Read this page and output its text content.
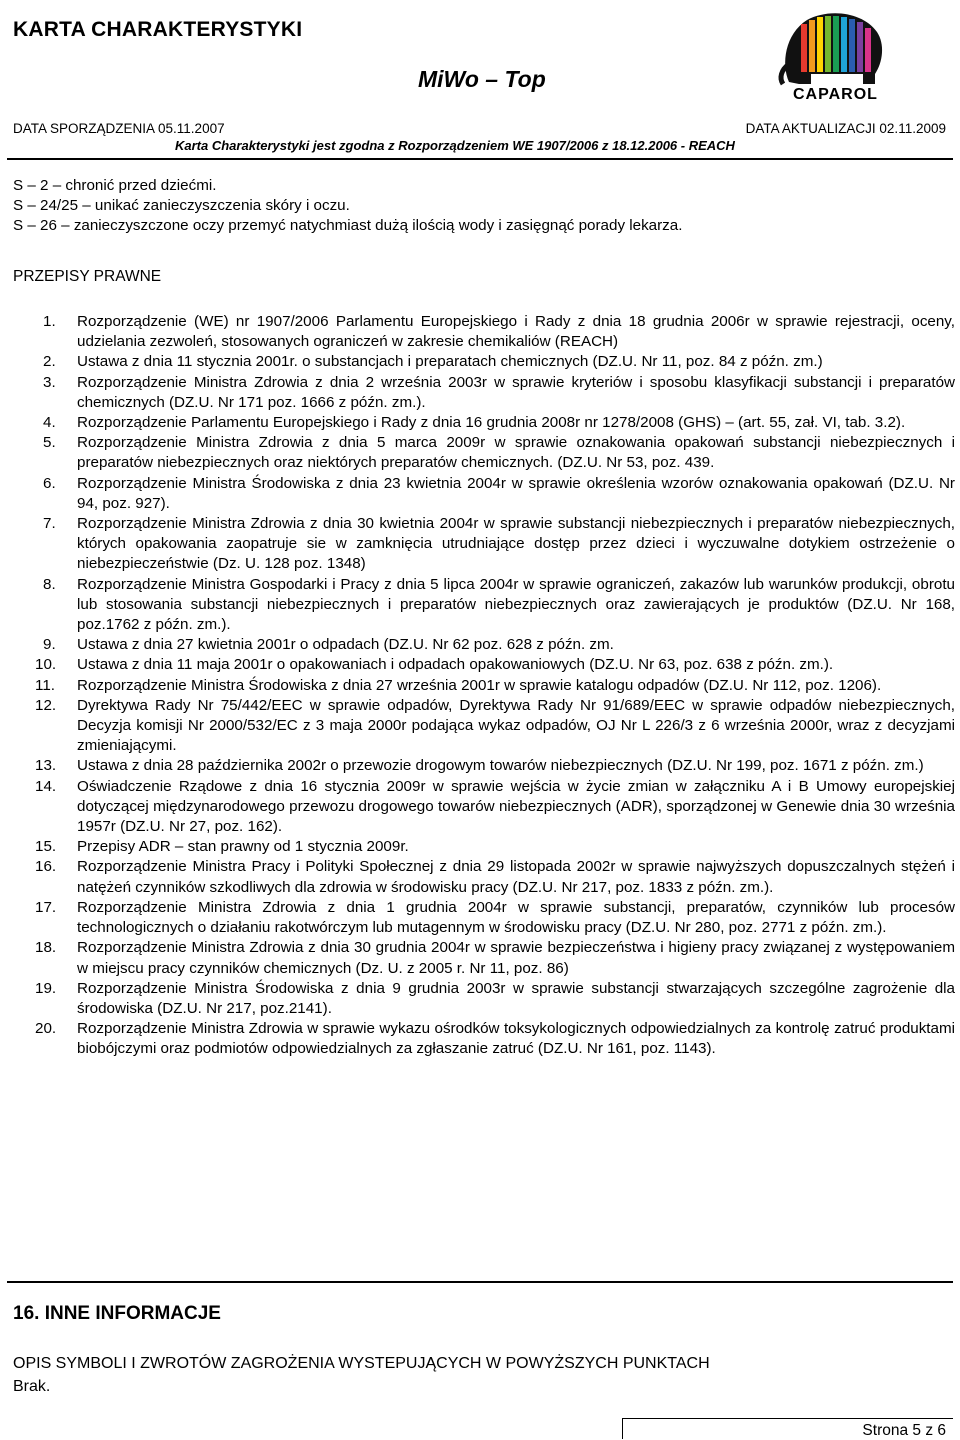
KARTA CHARAKTERYSTYKI
MiWo – Top
DATA SPORZĄDZENIA 05.11.2007	DATA AKTUALIZACJI 02.11.2009
Karta Charakterystyki jest zgodna z Rozporządzeniem WE 1907/2006 z 18.12.2006 - REACH
CAPAROL
S – 2 – chronić przed dziećmi.
S – 24/25 – unikać zanieczyszczenia skóry i oczu.
S – 26 – zanieczyszczone oczy przemyć natychmiast dużą ilością wody i zasięgnąć porady lekarza.
PRZEPISY PRAWNE
1.	Rozporządzenie (WE) nr 1907/2006 Parlamentu Europejskiego i Rady z dnia 18 grudnia 2006r w sprawie rejestracji, oceny, udzielania zezwoleń, stosowanych ograniczeń w zakresie chemikaliów (REACH)
2.	Ustawa z dnia 11 stycznia 2001r. o substancjach i preparatach chemicznych (DZ.U. Nr 11, poz. 84 z późn. zm.)
3.	Rozporządzenie Ministra Zdrowia z dnia 2 września 2003r w sprawie kryteriów i sposobu klasyfikacji substancji i preparatów chemicznych (DZ.U. Nr 171 poz. 1666 z późn. zm.).
4.	Rozporządzenie Parlamentu Europejskiego i Rady z dnia 16 grudnia 2008r nr 1278/2008 (GHS) – (art. 55, zał. VI, tab. 3.2).
5.	Rozporządzenie Ministra Zdrowia z dnia 5 marca 2009r w sprawie oznakowania opakowań substancji niebezpiecznych i preparatów niebezpiecznych oraz niektórych preparatów chemicznych. (DZ.U. Nr 53, poz. 439.
6.	Rozporządzenie Ministra Środowiska z dnia 23 kwietnia 2004r w sprawie określenia wzorów oznakowania opakowań (DZ.U. Nr 94, poz. 927).
7.	Rozporządzenie Ministra Zdrowia z dnia 30 kwietnia 2004r w sprawie substancji niebezpiecznych i preparatów niebezpiecznych, których opakowania zaopatruje sie w zamknięcia utrudniające dostęp przez dzieci i wyczuwalne dotykiem ostrzeżenie o niebezpieczeństwie (Dz. U. 128 poz. 1348)
8.	Rozporządzenie Ministra Gospodarki i Pracy z dnia 5 lipca 2004r w sprawie ograniczeń, zakazów lub warunków produkcji, obrotu lub stosowania substancji niebezpiecznych i preparatów niebezpiecznych oraz zawierających je produktów (DZ.U. Nr 168, poz.1762 z późn. zm.).
9.	Ustawa z dnia 27 kwietnia 2001r o odpadach (DZ.U. Nr 62 poz. 628 z późn. zm.
10.	Ustawa z dnia 11 maja 2001r o opakowaniach i odpadach opakowaniowych (DZ.U. Nr 63, poz. 638 z późn. zm.).
11.	Rozporządzenie Ministra Środowiska z dnia 27 września 2001r w sprawie katalogu odpadów (DZ.U. Nr 112, poz. 1206).
12.	Dyrektywa Rady Nr 75/442/EEC w sprawie odpadów, Dyrektywa Rady Nr 91/689/EEC w sprawie odpadów niebezpiecznych, Decyzja komisji Nr 2000/532/EC z 3 maja 2000r podająca wykaz odpadów, OJ Nr L 226/3 z 6 września 2000r, wraz z decyzjami zmieniającymi.
13.	Ustawa z dnia 28 października 2002r o przewozie drogowym towarów niebezpiecznych (DZ.U. Nr 199, poz. 1671 z późn. zm.)
14.	Oświadczenie Rządowe z dnia 16 stycznia 2009r w sprawie wejścia w życie zmian w załączniku A i B Umowy europejskiej dotyczącej międzynarodowego przewozu drogowego towarów niebezpiecznych (ADR), sporządzonej w Genewie dnia 30 września 1957r (DZ.U. Nr 27, poz. 162).
15.	Przepisy ADR – stan prawny od 1 stycznia 2009r.
16.	Rozporządzenie Ministra Pracy i Polityki Społecznej z dnia 29 listopada 2002r w sprawie najwyższych dopuszczalnych stężeń i natężeń czynników szkodliwych dla zdrowia w środowisku pracy (DZ.U. Nr 217, poz. 1833 z późn. zm.).
17.	Rozporządzenie Ministra Zdrowia z dnia 1 grudnia 2004r w sprawie substancji, preparatów, czynników lub procesów technologicznych o działaniu rakotwórczym lub mutagennym w środowisku pracy (DZ.U. Nr 280, poz. 2771 z późn. zm.).
18.	Rozporządzenie Ministra Zdrowia z dnia 30 grudnia 2004r w sprawie bezpieczeństwa i higieny pracy związanej z występowaniem w miejscu pracy czynników chemicznych (Dz. U. z 2005 r. Nr 11, poz. 86)
19.	Rozporządzenie Ministra Środowiska z dnia 9 grudnia 2003r w sprawie substancji stwarzających szczególne zagrożenie dla środowiska (DZ.U. Nr 217, poz.2141).
20.	Rozporządzenie Ministra Zdrowia w sprawie wykazu ośrodków toksykologicznych odpowiedzialnych za kontrolę zatruć produktami biobójczymi oraz podmiotów odpowiedzialnych za zgłaszanie zatruć (DZ.U. Nr 161, poz. 1143).
16. INNE INFORMACJE
OPIS SYMBOLI I ZWROTÓW ZAGROŻENIA WYSTEPUJĄCYCH W POWYŻSZYCH PUNKTACH
Brak.
Strona 5 z 6
